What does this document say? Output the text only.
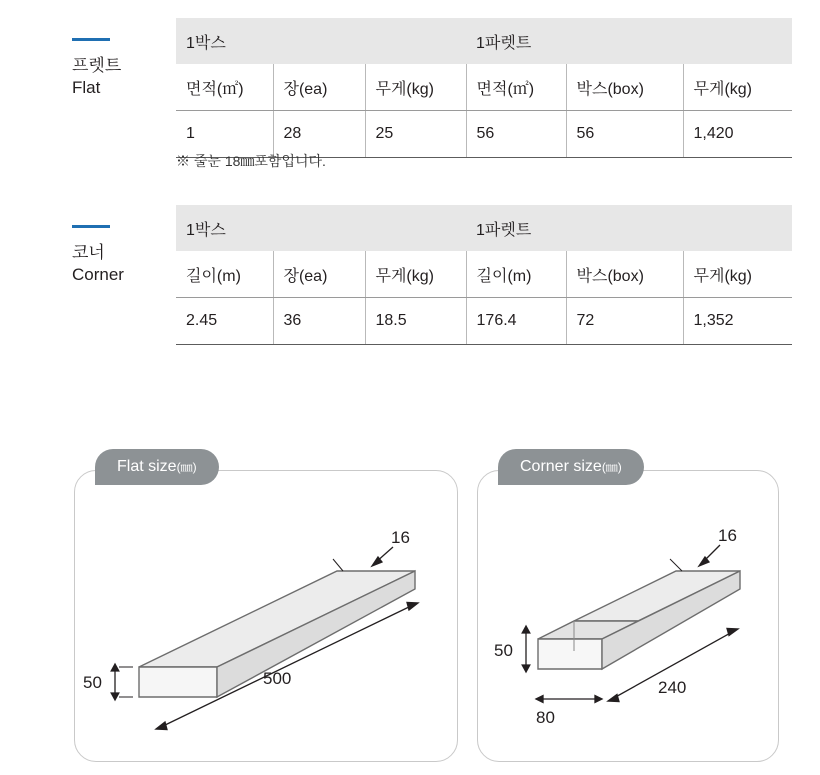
프렛트
Flat
1박스			1파렛트		
면적(㎡)	장(ea)	무게(kg)	면적(㎡)	박스(box)	무게(kg)
1	28	25	56	56	1,420
※ 줄눈 18㎜포함입니다.
코너
Corner
1박스			1파렛트		
길이(m)	장(ea)	무게(kg)	길이(m)	박스(box)	무게(kg)
2.45	36	18.5	176.4	72	1,352
50	500
16
Flat size(㎜)
50
80
240
16
Corner size(㎜)
